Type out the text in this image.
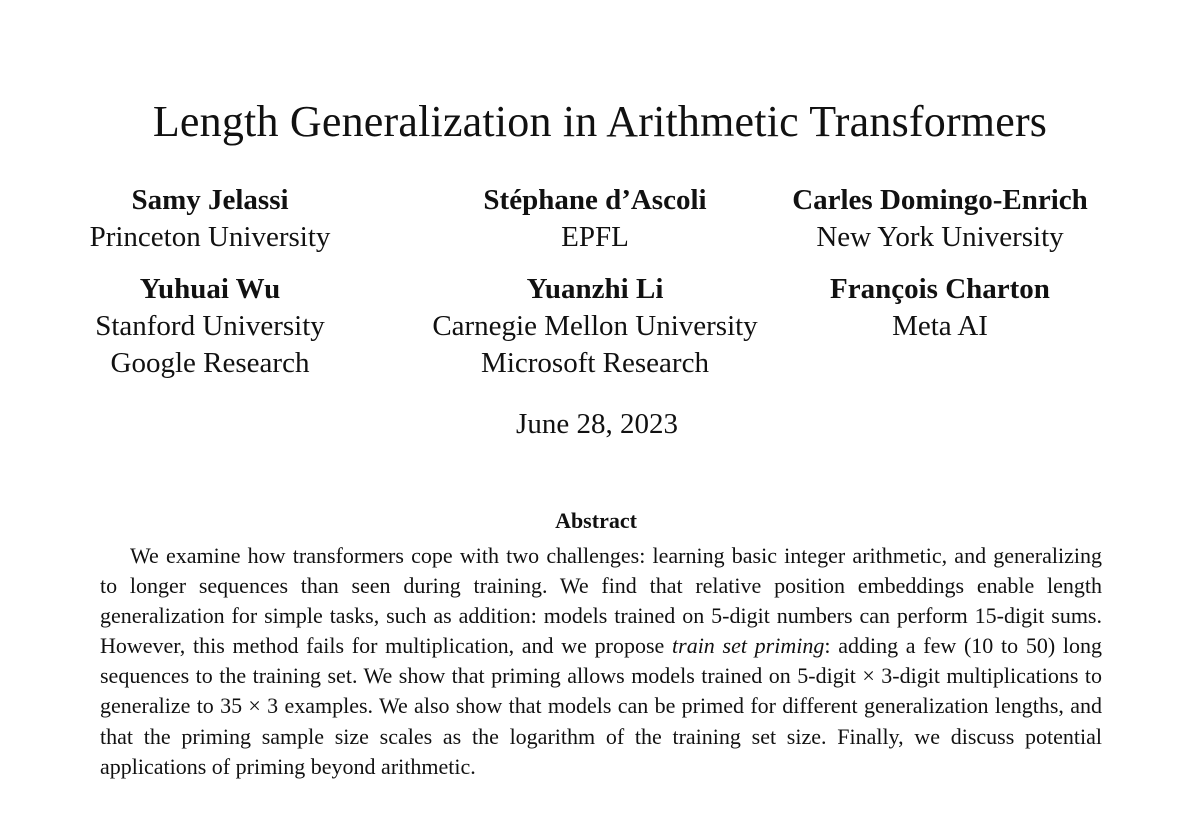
Length Generalization in Arithmetic Transformers
Samy Jelassi
Princeton University
Stéphane d’Ascoli
EPFL
Carles Domingo-Enrich
New York University
Yuhuai Wu
Stanford University
Google Research
Yuanzhi Li
Carnegie Mellon University
Microsoft Research
François Charton
Meta AI
June 28, 2023
Abstract

We examine how transformers cope with two challenges: learning basic integer arithmetic, and generalizing to longer sequences than seen during training. We find that relative position embeddings enable length generalization for simple tasks, such as addition: models trained on 5-digit numbers can perform 15-digit sums. However, this method fails for multiplication, and we propose train set priming: adding a few (10 to 50) long sequences to the training set. We show that priming allows models trained on 5-digit × 3-digit multiplications to generalize to 35 × 3 examples. We also show that models can be primed for different generalization lengths, and that the priming sample size scales as the logarithm of the training set size. Finally, we discuss potential applications of priming beyond arithmetic.
